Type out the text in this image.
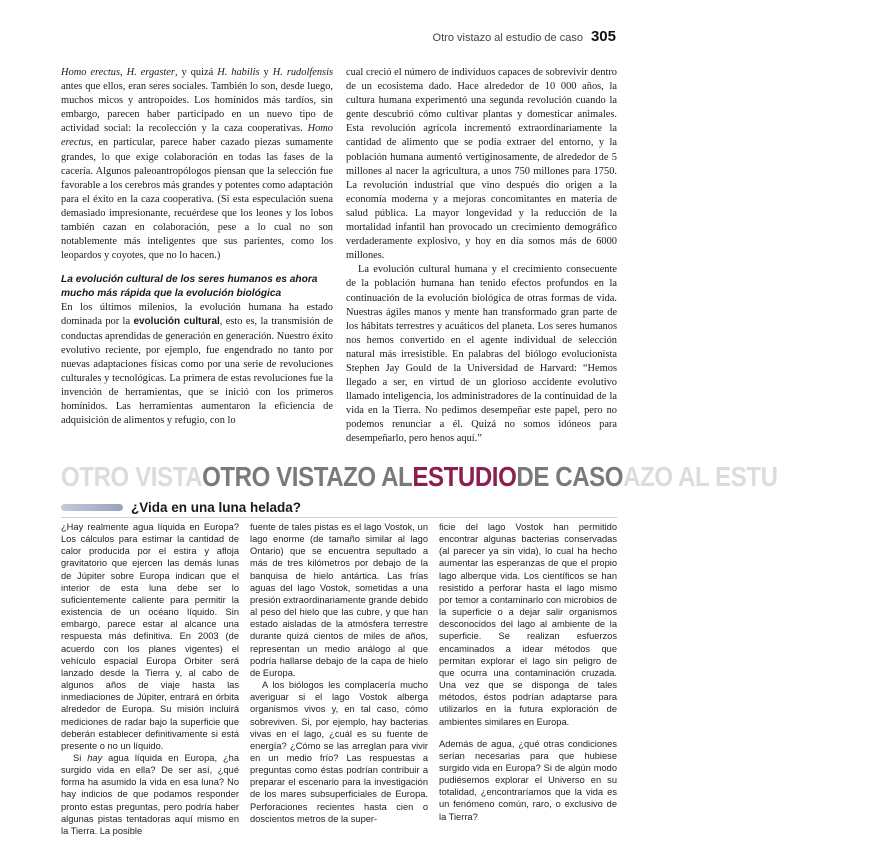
Otro vistazo al estudio de caso 305

Homo erectus, H. ergaster, y quizá H. habilis y H. rudolfensis antes que ellos, eran seres sociales. También lo son, desde luego, muchos micos y antropoides. Los homínidos más tardíos, sin embargo, parecen haber participado en un nuevo tipo de actividad social: la recolección y la caza cooperativas. Homo erectus, en particular, parece haber cazado piezas sumamente grandes, lo que exige colaboración en todas las fases de la cacería. Algunos paleoantropólogos piensan que la selección fue favorable a los cerebros más grandes y potentes como adaptación para el éxito en la caza cooperativa. (Si esta especulación suena demasiado impresionante, recuérdese que los leones y los lobos también cazan en colaboración, pese a lo cual no son notablemente más inteligentes que sus parientes, como los leopardos y coyotes, que no lo hacen.)

La evolución cultural de los seres humanos es ahora mucho más rápida que la evolución biológica

En los últimos milenios, la evolución humana ha estado dominada por la evolución cultural, esto es, la transmisión de conductas aprendidas de generación en generación. Nuestro éxito evolutivo reciente, por ejemplo, fue engendrado no tanto por nuevas adaptaciones físicas como por una serie de revoluciones culturales y tecnológicas. La primera de estas revoluciones fue la invención de herramientas, que se inició con los primeros homínidos. Las herramientas aumentaron la eficiencia de adquisición de alimentos y refugio, con lo

cual creció el número de individuos capaces de sobrevivir dentro de un ecosistema dado. Hace alrededor de 10 000 años, la cultura humana experimentó una segunda revolución cuando la gente descubrió cómo cultivar plantas y domesticar animales. Esta revolución agrícola incrementó extraordinariamente la cantidad de alimento que se podía extraer del entorno, y la población humana aumentó vertiginosamente, de alrededor de 5 millones al nacer la agricultura, a unos 750 millones para 1750. La revolución industrial que vino después dio origen a la economía moderna y a mejoras concomitantes en materia de salud pública. La mayor longevidad y la reducción de la mortalidad infantil han provocado un crecimiento demográfico verdaderamente explosivo, y hoy en día somos más de 6000 millones.

La evolución cultural humana y el crecimiento consecuente de la población humana han tenido efectos profundos en la continuación de la evolución biológica de otras formas de vida. Nuestras ágiles manos y mente han transformado gran parte de los hábitats terrestres y acuáticos del planeta. Los seres humanos nos hemos convertido en el agente individual de selección natural más irresistible. En palabras del biólogo evolucionista Stephen Jay Gould de la Universidad de Harvard: “Hemos llegado a ser, en virtud de un glorioso accidente evolutivo llamado inteligencia, los administradores de la continuidad de la vida en la Tierra. No pedimos desempeñar este papel, pero no podemos renunciar a él. Quizá no somos idóneos para desempeñarlo, pero henos aquí.”

OTRO VISTAOTRO VISTAZO ALESTUDIODE CASOAZO AL ESTU
¿Vida en una luna helada?

¿Hay realmente agua líquida en Europa? Los cálculos para estimar la cantidad de calor producida por el estira y afloja gravitatorio que ejercen las demás lunas de Júpiter sobre Europa indican que el interior de esta luna debe ser lo suficientemente caliente para permitir la existencia de un océano líquido. Sin embargo, parece estar al alcance una respuesta más definitiva. En 2003 (de acuerdo con los planes vigentes) el vehículo espacial Europa Orbiter será lanzado desde la Tierra y, al cabo de algunos años de viaje hasta las inmediaciones de Júpiter, entrará en órbita alrededor de Europa. Su misión incluirá mediciones de radar bajo la superficie que deberán establecer definitivamente si está presente o no un líquido.

Si hay agua líquida en Europa, ¿ha surgido vida en ella? De ser así, ¿qué forma ha asumido la vida en esa luna? No hay indicios de que podamos responder pronto estas preguntas, pero podría haber algunas pistas tentadoras aquí mismo en la Tierra. La posible

fuente de tales pistas es el lago Vostok, un lago enorme (de tamaño similar al lago Ontario) que se encuentra sepultado a más de tres kilómetros por debajo de la banquisa de hielo antártica. Las frías aguas del lago Vostok, sometidas a una presión extraordinariamente grande debido al peso del hielo que las cubre, y que han estado aisladas de la atmósfera terrestre durante quizá cientos de miles de años, representan un medio análogo al que podría hallarse debajo de la capa de hielo de Europa.

A los biólogos les complacería mucho averiguar si el lago Vostok alberga organismos vivos y, en tal caso, cómo sobreviven. Si, por ejemplo, hay bacterias vivas en el lago, ¿cuál es su fuente de energía? ¿Cómo se las arreglan para vivir en un medio frío? Las respuestas a preguntas como éstas podrían contribuir a preparar el escenario para la investigación de los mares subsuperficiales de Europa. Perforaciones recientes hasta cien o doscientos metros de la super-

ficie del lago Vostok han permitido encontrar algunas bacterias conservadas (al parecer ya sin vida), lo cual ha hecho aumentar las esperanzas de que el propio lago alberque vida. Los científicos se han resistido a perforar hasta el lago mismo por temor a contaminarlo con microbios de la superficie o a dejar salir organismos desconocidos del lago al ambiente de la superficie. Se realizan esfuerzos encaminados a idear métodos que permitan explorar el lago sin peligro de que ocurra una contaminación cruzada. Una vez que se disponga de tales métodos, éstos podrían adaptarse para utilizarlos en la futura exploración de ambientes similares en Europa.

Además de agua, ¿qué otras condiciones serían necesarias para que hubiese surgido vida en Europa? Si de algún modo pudiésemos explorar el Universo en su totalidad, ¿encontraríamos que la vida es un fenómeno común, raro, o exclusivo de la Tierra?
